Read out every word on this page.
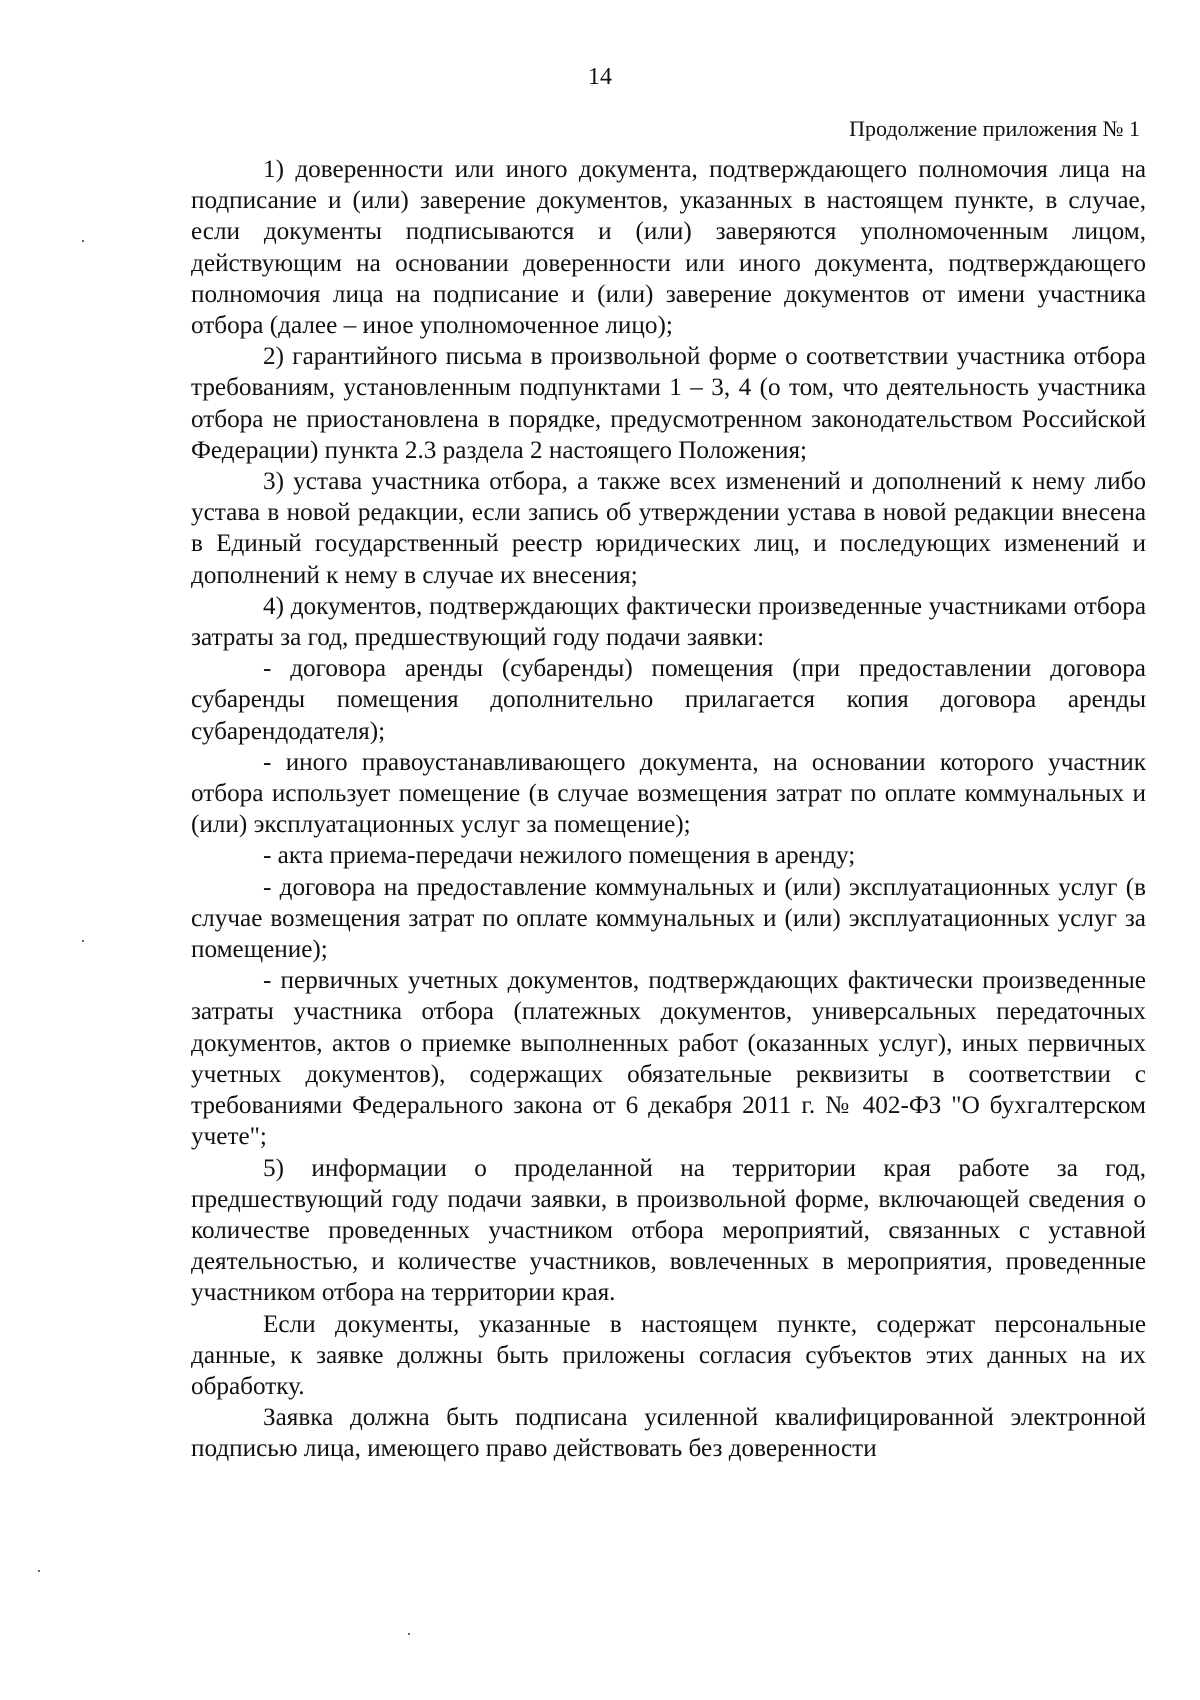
14
Продолжение приложения № 1

1) доверенности или иного документа, подтверждающего полномочия лица на подписание и (или) заверение документов, указанных в настоящем пункте, в случае, если документы подписываются и (или) заверяются уполномоченным лицом, действующим на основании доверенности или иного документа, подтверждающего полномочия лица на подписание и (или) заверение документов от имени участника отбора (далее – иное уполномоченное лицо);

2) гарантийного письма в произвольной форме о соответствии участника отбора требованиям, установленным подпунктами 1 – 3, 4 (о том, что деятельность участника отбора не приостановлена в порядке, предусмотренном законодательством Российской Федерации) пункта 2.3 раздела 2 настоящего Положения;

3) устава участника отбора, а также всех изменений и дополнений к нему либо устава в новой редакции, если запись об утверждении устава в новой редакции внесена в Единый государственный реестр юридических лиц, и последующих изменений и дополнений к нему в случае их внесения;

4) документов, подтверждающих фактически произведенные участниками отбора затраты за год, предшествующий году подачи заявки:

- договора аренды (субаренды) помещения (при предоставлении договора субаренды помещения дополнительно прилагается копия договора аренды субарендодателя);

- иного правоустанавливающего документа, на основании которого участник отбора использует помещение (в случае возмещения затрат по оплате коммунальных и (или) эксплуатационных услуг за помещение);

- акта приема-передачи нежилого помещения в аренду;

- договора на предоставление коммунальных и (или) эксплуатационных услуг (в случае возмещения затрат по оплате коммунальных и (или) эксплуатационных услуг за помещение);

- первичных учетных документов, подтверждающих фактически произведенные затраты участника отбора (платежных документов, универсальных передаточных документов, актов о приемке выполненных работ (оказанных услуг), иных первичных учетных документов), содержащих обязательные реквизиты в соответствии с требованиями Федерального закона от 6 декабря 2011 г. № 402-ФЗ "О бухгалтерском учете";

5) информации о проделанной на территории края работе за год, предшествующий году подачи заявки, в произвольной форме, включающей сведения о количестве проведенных участником отбора мероприятий, связанных с уставной деятельностью, и количестве участников, вовлеченных в мероприятия, проведенные участником отбора на территории края.

Если документы, указанные в настоящем пункте, содержат персональные данные, к заявке должны быть приложены согласия субъектов этих данных на их обработку.

Заявка должна быть подписана усиленной квалифицированной электронной подписью лица, имеющего право действовать без доверенности
